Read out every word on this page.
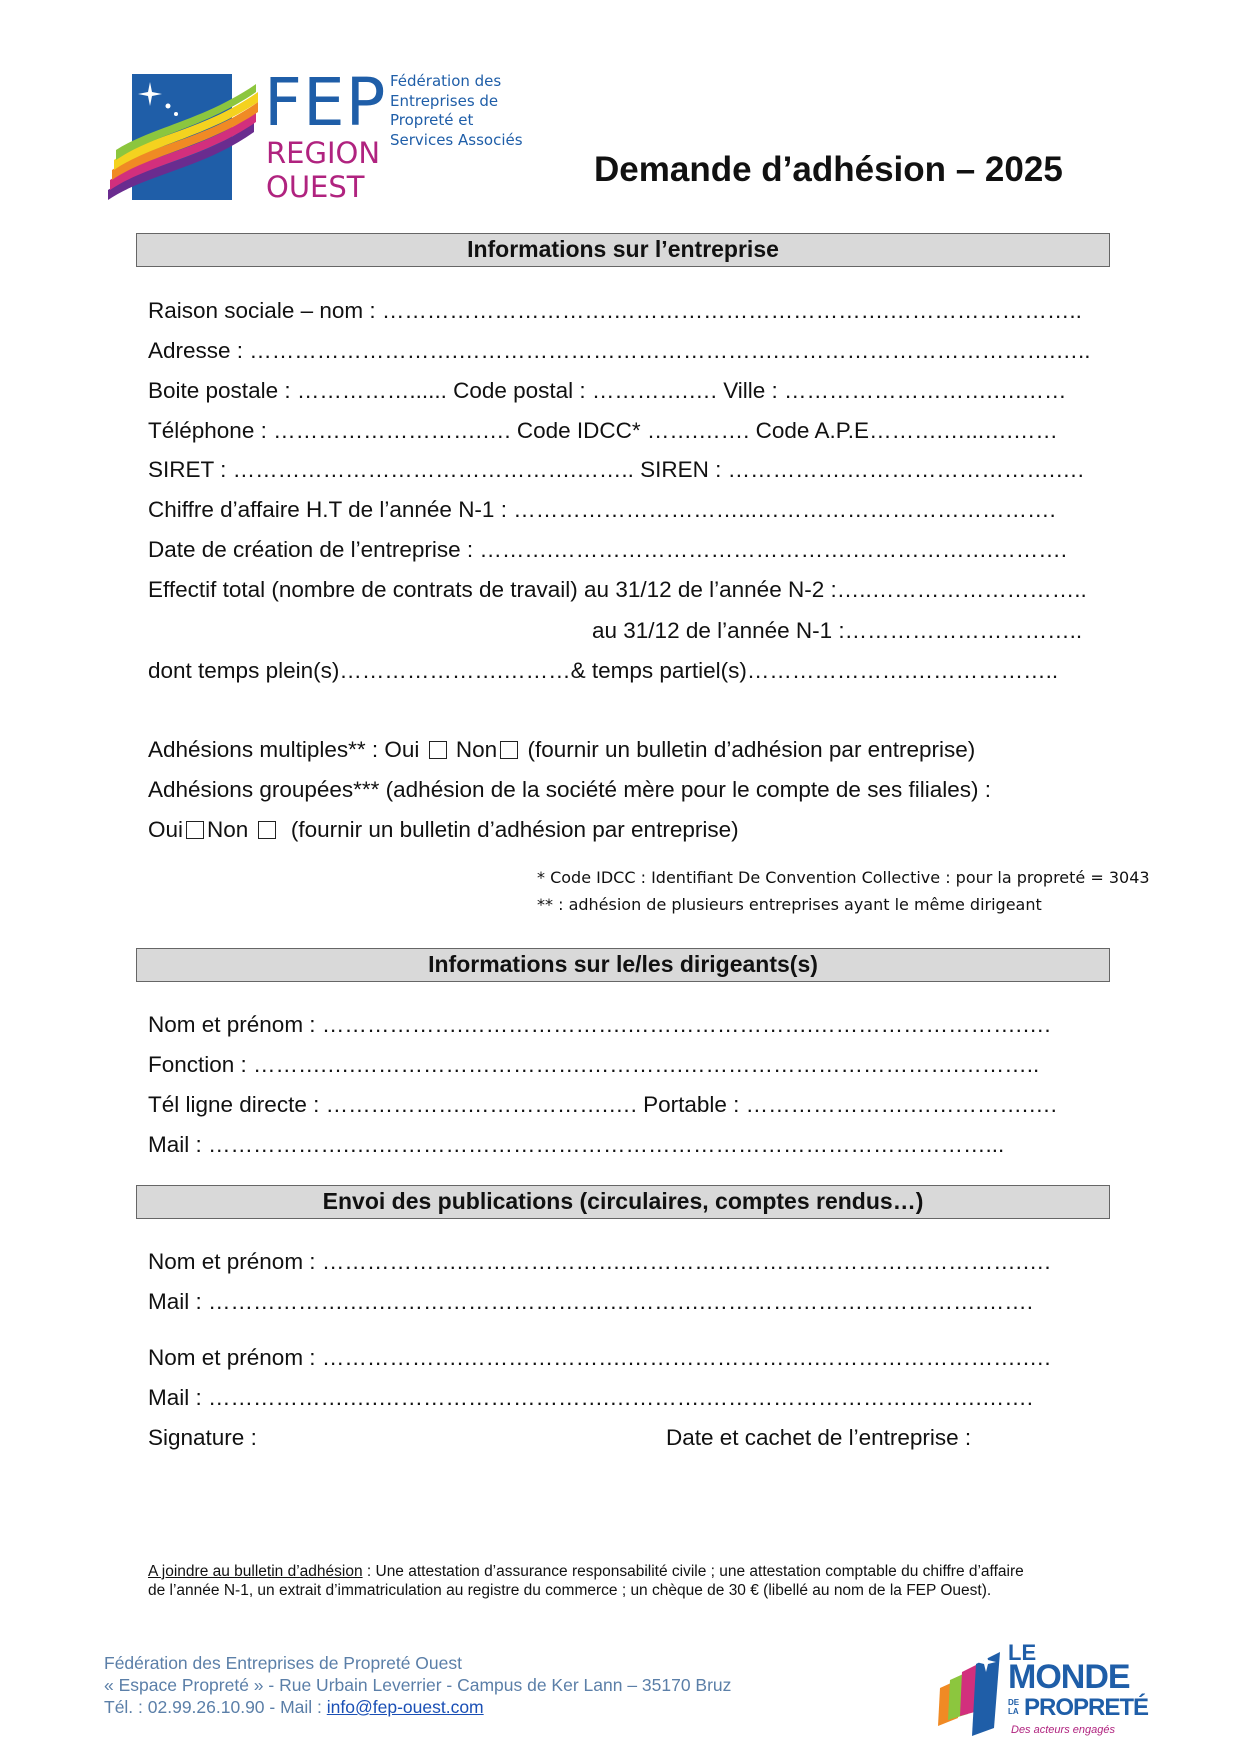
FEP
REGION
OUEST
Fédération des
Entreprises de
Propreté et
Services Associés
Demande d’adhésion – 2025
Informations sur l’entreprise
Raison sociale – nom : ………………………….……………………………….……………………..
Adresse : ……………………….…………………………………….……………………………….…..
Boite postale : ……………...... Code postal : ………….…. Ville : ……………………….….……
Téléphone : ……………………….…. Code IDCC* …….……. Code A.P.E……….…...….……
SIRET : ……………………………………….…….. SIREN : …………….……………………….….
Chiffre d’affaire H.T de l’année N-1 : …………………………...………………………………….
Date de création de l’entreprise : ……….………………………………….……………….……….
Effectif total (nombre de contrats de travail) au 31/12 de l’année N-2 :…..………………………..
au 31/12 de l’année N-1 :…………………………..
dont temps plein(s)………………….………& temps partiel(s)………………….………………..
Adhésions multiples** : Oui Non (fournir un bulletin d’adhésion par entreprise)
Adhésions groupées*** (adhésion de la société mère pour le compte de ses filiales) :
Oui Non (fournir un bulletin d’adhésion par entreprise)
* Code IDCC : Identifiant De Convention Collective : pour la propreté = 3043
** : adhésion de plusieurs entreprises ayant le même dirigeant
Informations sur le/les dirigeants(s)
Nom et prénom : ……………….………………….…………………….……………………….….
Fonction : ……….….………………………….………….……………………………….………..
Tél ligne directe : ……………….……………….…. Portable : ………………….…………….….
Mail : ……………….….………………………………………………………………………...
Envoi des publications (circulaires, comptes rendus…)
Nom et prénom : ……………….………………….…………………….……………………….….
Mail : ……………….….………………………….………….……………………………….…….
Nom et prénom : ……………….………………….…………………….……………………….….
Mail : ……………….….………………………….………….……………………………….…….
Signature :	Date et cachet de l’entreprise :
A joindre au bulletin d’adhésion : Une attestation d’assurance responsabilité civile ; une attestation comptable du chiffre d’affaire
de l’année N-1, un extrait d’immatriculation au registre du commerce ; un chèque de 30 € (libellé au nom de la FEP Ouest).
Fédération des Entreprises de Propreté Ouest
« Espace Propreté » - Rue Urbain Leverrier - Campus de Ker Lann – 35170 Bruz
Tél. : 02.99.26.10.90 - Mail : info@fep-ouest.com
LE
MONDE
DE LA PROPRETÉ
Des acteurs engagés
